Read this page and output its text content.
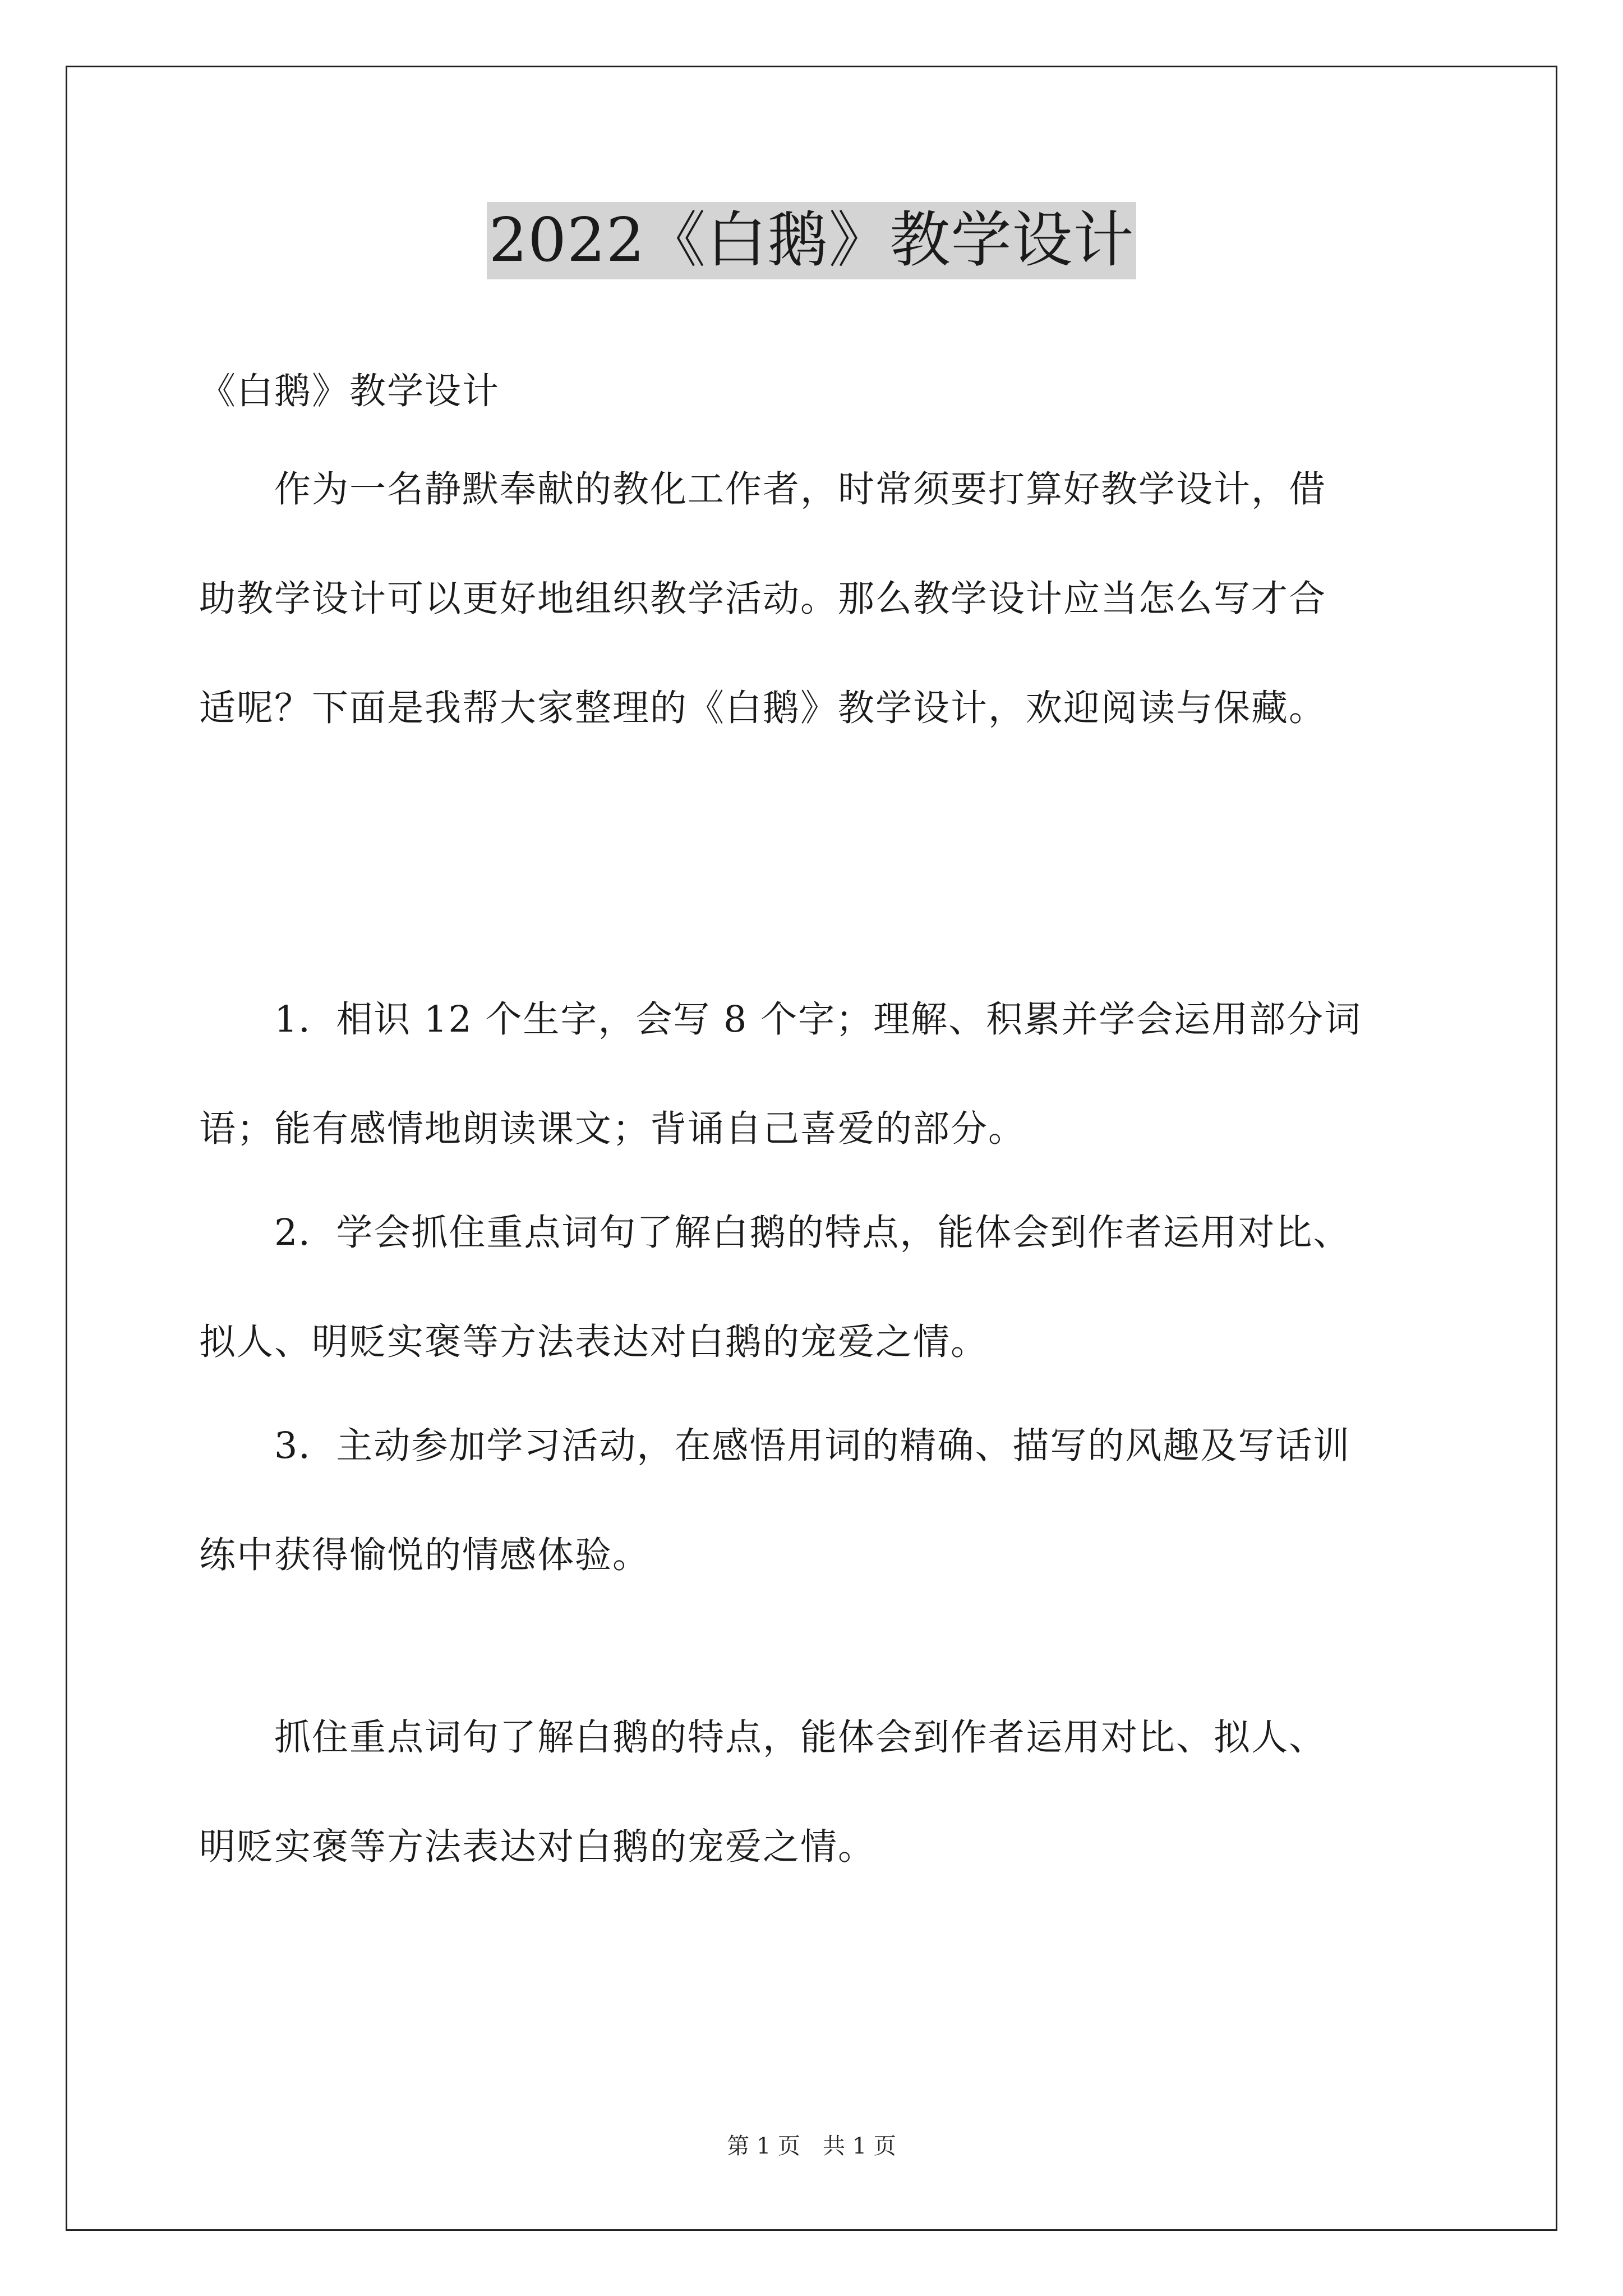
2022《白鹅》教学设计
《白鹅》教学设计
　　作为一名静默奉献的教化工作者，时常须要打算好教学设计，借
助教学设计可以更好地组织教学活动。那么教学设计应当怎么写才合
适呢？下面是我帮大家整理的《白鹅》教学设计，欢迎阅读与保藏。
　　1．相识 12 个生字，会写 8 个字；理解、积累并学会运用部分词
语；能有感情地朗读课文；背诵自己喜爱的部分。
　　2．学会抓住重点词句了解白鹅的特点，能体会到作者运用对比、
拟人、明贬实褒等方法表达对白鹅的宠爱之情。
　　3．主动参加学习活动，在感悟用词的精确、描写的风趣及写话训
练中获得愉悦的情感体验。
　　抓住重点词句了解白鹅的特点，能体会到作者运用对比、拟人、
明贬实褒等方法表达对白鹅的宠爱之情。
第 1 页　共 1 页
